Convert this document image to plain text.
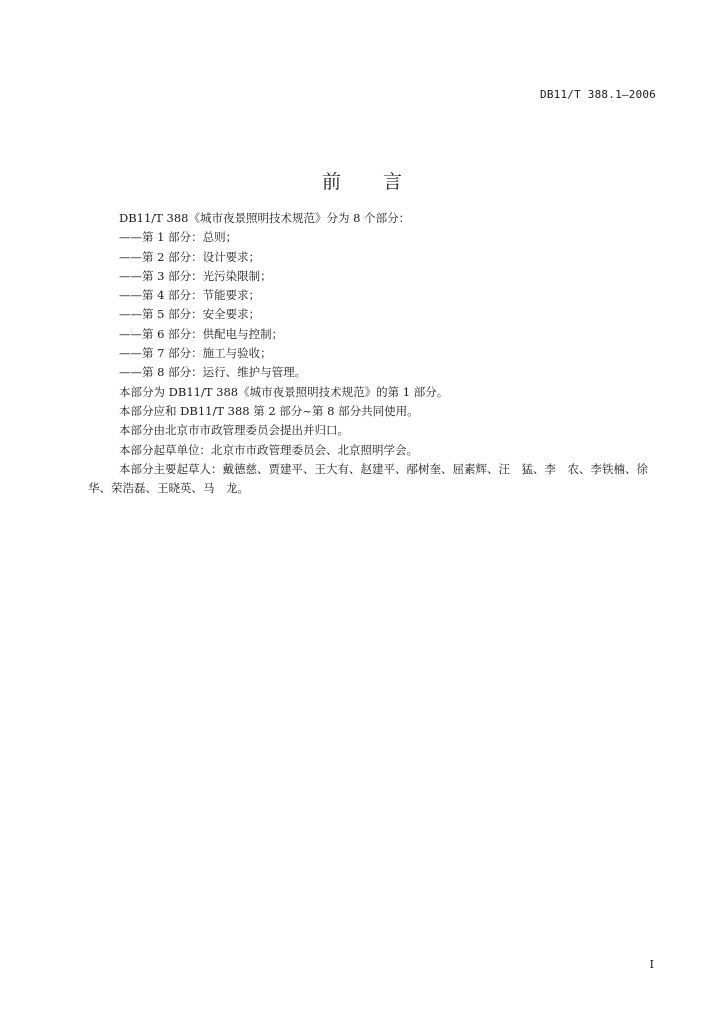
DB11/T 388.1—2006
前 言

DB11/T 388《城市夜景照明技术规范》分为 8 个部分：

——第 1 部分：总则；

——第 2 部分：设计要求；

——第 3 部分：光污染限制；

——第 4 部分：节能要求；

——第 5 部分：安全要求；

——第 6 部分：供配电与控制；

——第 7 部分：施工与验收；

——第 8 部分：运行、维护与管理。

本部分为 DB11/T 388《城市夜景照明技术规范》的第 1 部分。

本部分应和 DB11/T 388 第 2 部分~第 8 部分共同使用。

本部分由北京市市政管理委员会提出并归口。

本部分起草单位：北京市市政管理委员会、北京照明学会。

本部分主要起草人：戴德慈、贾建平、王大有、赵建平、邴树奎、屈素辉、汪　猛、李　农、李铁楠、徐　华、荣浩磊、王晓英、马　龙。

I
